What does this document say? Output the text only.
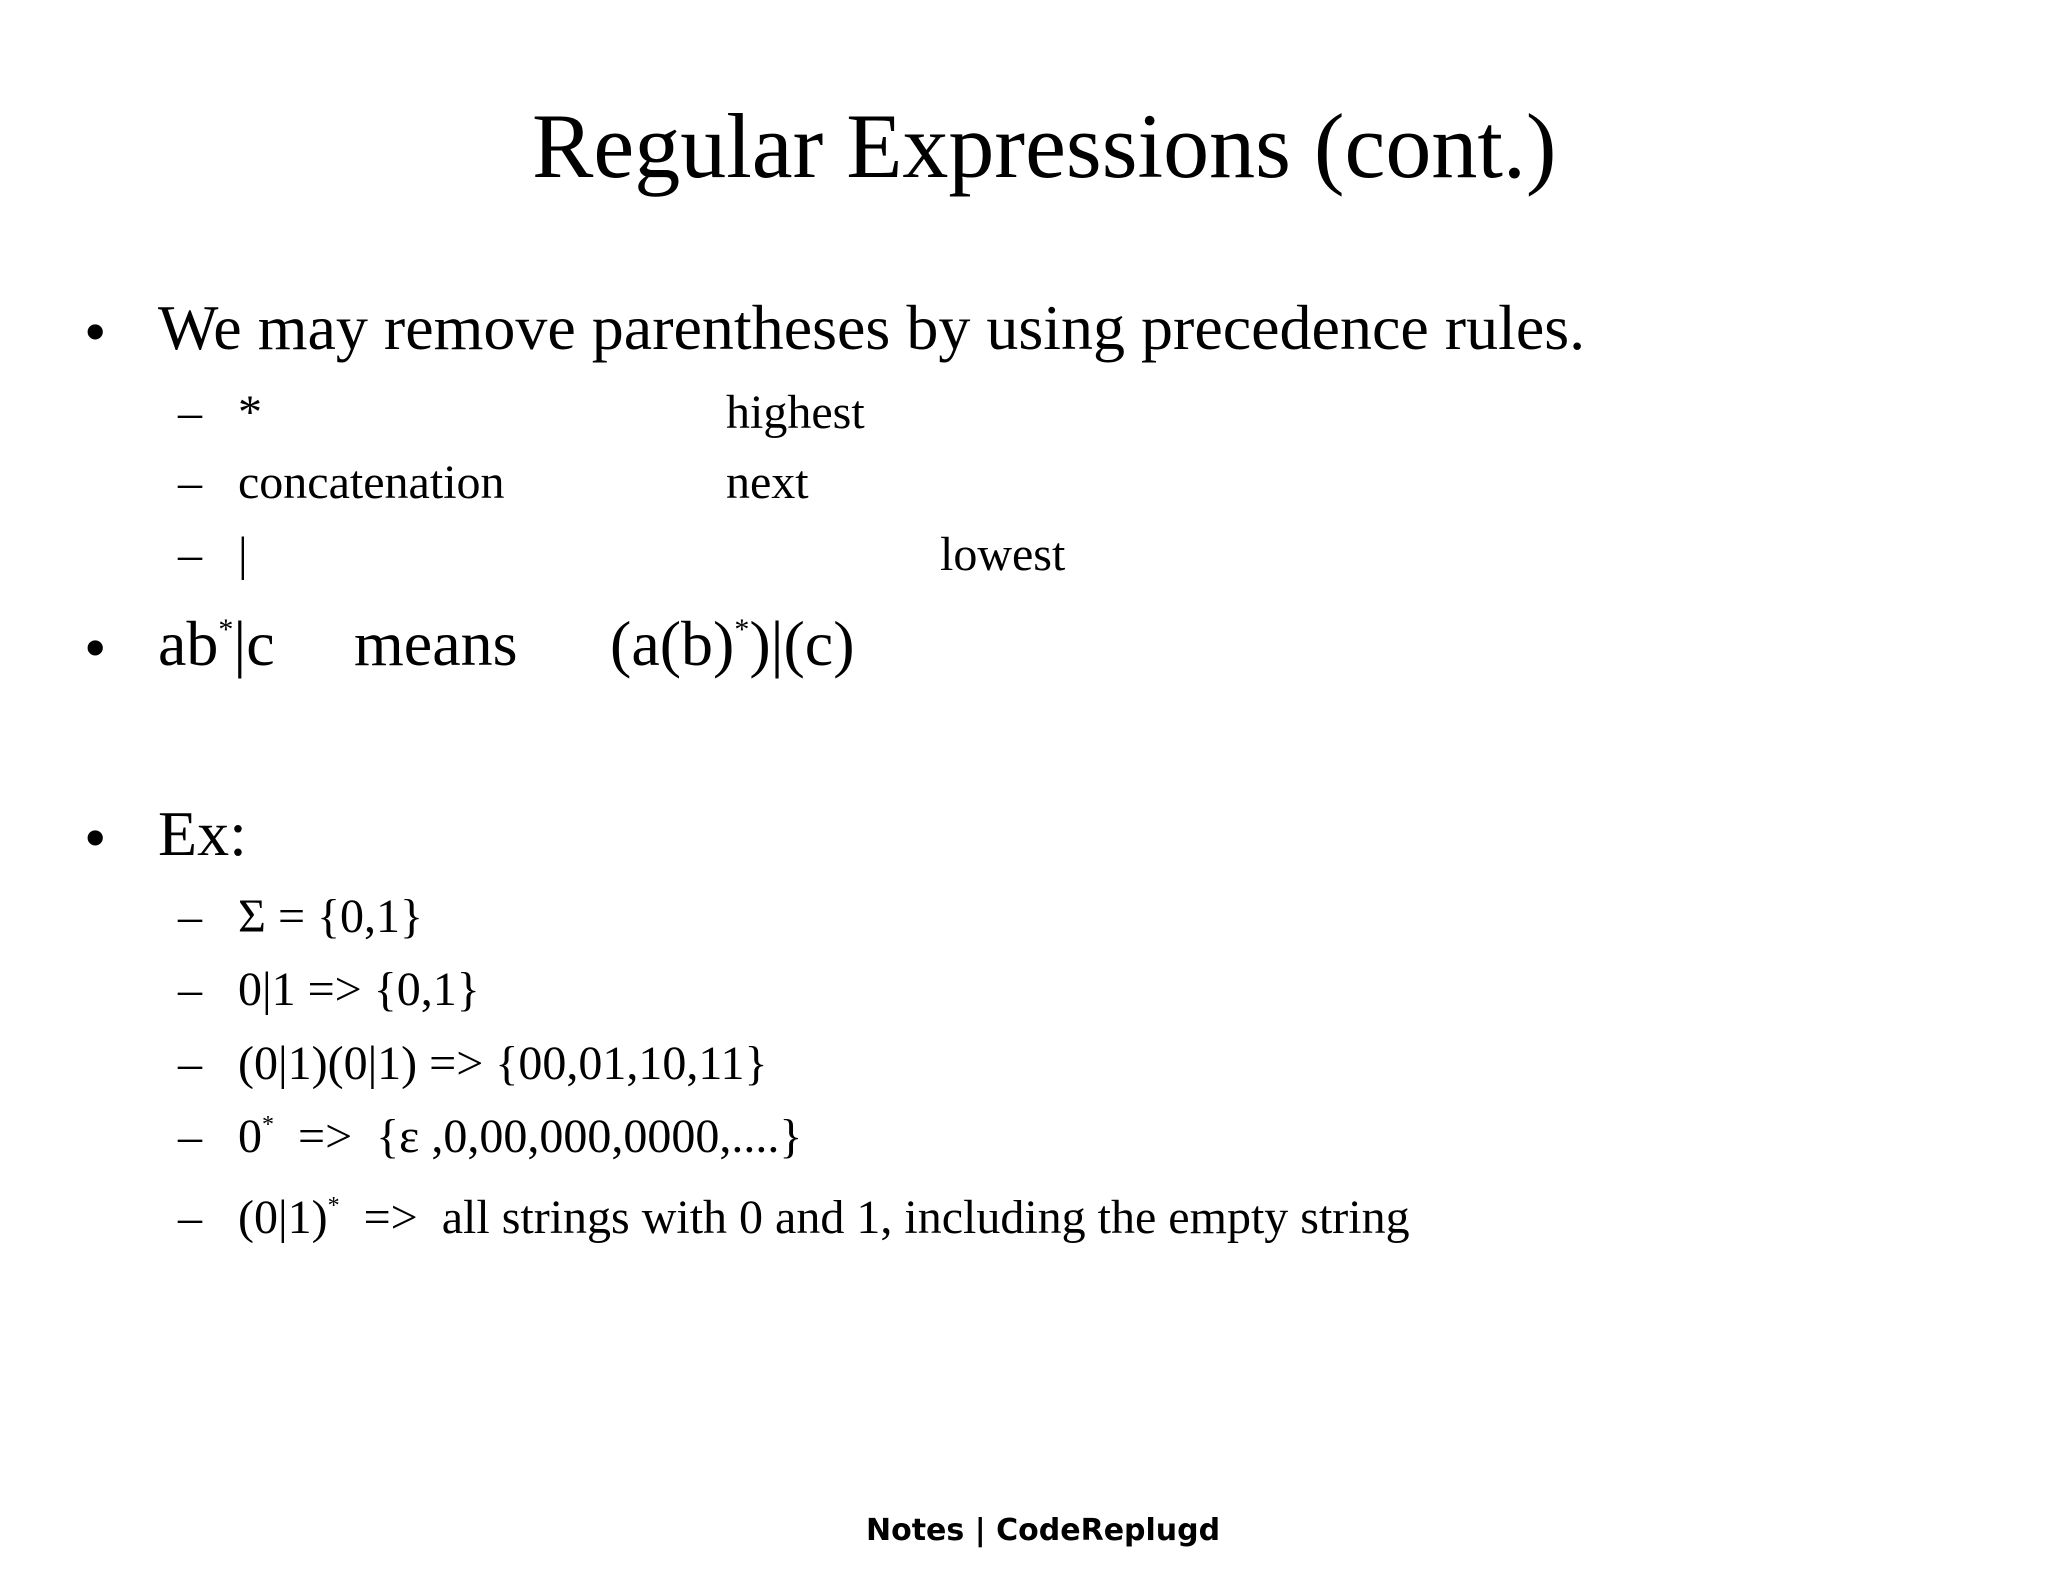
Regular Expressions (cont.)
• We may remove parentheses by using precedence rules.
– *	highest
– concatenation	next
– |	lowest
• ab*|c means (a(b)*)|(c)
• Ex:
– Σ = {0,1}
– 0|1 => {0,1}
– (0|1)(0|1) => {00,01,10,11}
– 0*  =>  {ε ,0,00,000,0000,....}
– (0|1)*  =>  all strings with 0 and 1, including the empty string
Notes | CodeReplugd
